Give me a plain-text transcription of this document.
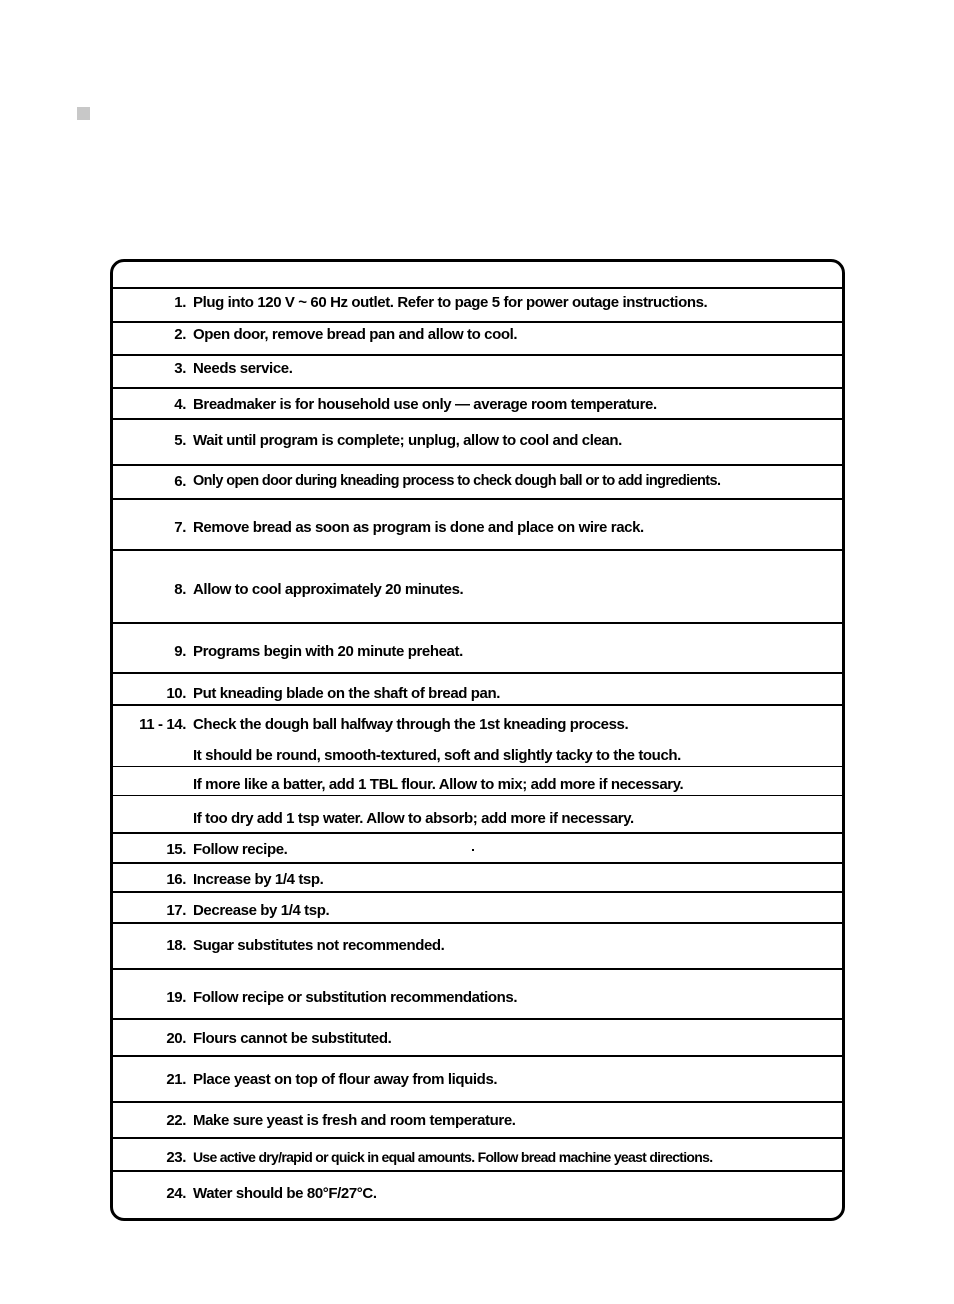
1. Plug into 120 V ~ 60 Hz outlet. Refer to page 5 for power outage instructions.
2. Open door, remove bread pan and allow to cool.
3. Needs service.
4. Breadmaker is for household use only — average room temperature.
5. Wait until program is complete; unplug, allow to cool and clean.
6. Only open door during kneading process to check dough ball or to add ingredients.
7. Remove bread as soon as program is done and place on wire rack.
8. Allow to cool approximately 20 minutes.
9. Programs begin with 20 minute preheat.
10. Put kneading blade on the shaft of bread pan.
11 - 14. Check the dough ball halfway through the 1st kneading process.
It should be round, smooth-textured, soft and slightly tacky to the touch.
If more like a batter, add 1 TBL flour. Allow to mix; add more if necessary.
If too dry add 1 tsp water. Allow to absorb; add more if necessary.
15. Follow recipe.
16. Increase by 1/4 tsp.
17. Decrease by 1/4 tsp.
18. Sugar substitutes not recommended.
19. Follow recipe or substitution recommendations.
20. Flours cannot be substituted.
21. Place yeast on top of flour away from liquids.
22. Make sure yeast is fresh and room temperature.
23. Use active dry/rapid or quick in equal amounts. Follow bread machine yeast directions.
24. Water should be 80°F/27°C.
